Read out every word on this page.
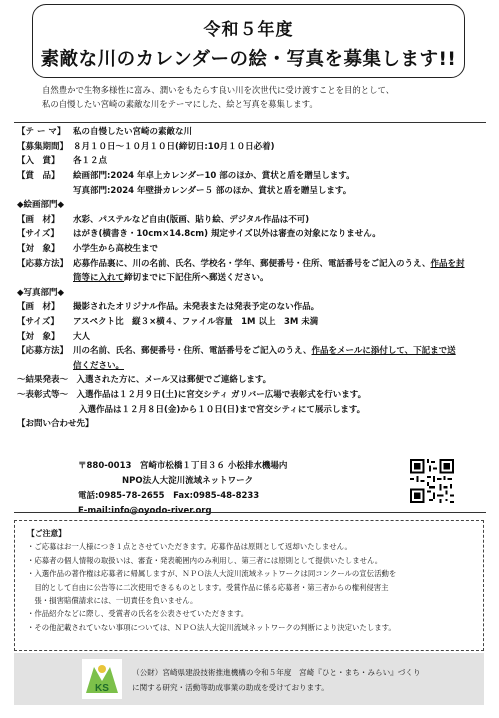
令和５年度
素敵な川のカレンダーの絵・写真を募集します!!
自然豊かで生物多様性に富み、潤いをもたらす良い川を次世代に受け渡すことを目的として、
私の自慢したい宮崎の素敵な川をテーマにした、絵と写真を募集します。
【テ ー マ】 私の自慢したい宮崎の素敵な川
【募集期間】 ８月１０日～１０月１０日(締切日:10月１０日必着)
【入　賞】	各１２点
【賞　品】	絵画部門:2024 年卓上カレンダー10 部のほか、賞状と盾を贈呈します。
写真部門:2024 年壁掛カレンダー５ 部のほか、賞状と盾を贈呈します。
◆絵画部門◆
【画　材】	水彩、パステルなど自由(版画、貼り絵、デジタル作品は不可)
【サイズ】	はがき(横書き・10cm×14.8cm) 規定サイズ以外は審査の対象になりません。
【対　象】	小学生から高校生まで
【応募方法】 応募作品裏に、川の名前、氏名、学校名・学年、郵便番号・住所、電話番号をご記入のうえ、作品を封
筒等に入れて締切までに下記住所へ郵送ください。
◆写真部門◆
【画　材】	撮影されたオリジナル作品。未発表または発表予定のない作品。
【サイズ】	アスペクト比　縦３×横４、ファイル容量　1M 以上　3M 未満
【対　象】	大人
【応募方法】 川の名前、氏名、郵便番号・住所、電話番号をご記入のうえ、作品をメールに添付して、下記まで送
信ください。
～結果発表～　入選された方に、メール又は郵便でご連絡します。
～表彰式等～　入選作品は１２月９日(土)に宮交シティ ガリバー広場で表彰式を行います。
入選作品は１２月８日(金)から１０日(日)まで宮交シティにて展示します。
【お問い合わせ先】
〒880-0013　宮崎市松橋１丁目３６ 小松排水機場内
NPO法人大淀川流域ネットワーク
電話:0985-78-2655　Fax:0985-48-8233
E-mail:info@oyodo-river.org
【ご注意】
・ご応募はお一人様につき１点とさせていただきます。応募作品は原則として返却いたしません。
・応募者の個人情報の取扱いは、審査・発表範囲内のみ利用し、第三者には原則として提供いたしません。
・入選作品の著作権は応募者に帰属しますが、ＮＰＯ法人大淀川流域ネットワークは同コンクールの宣伝活動を
　目的として自由に公告等に二次使用できるものとします。受賞作品に係る応募者・第三者からの権利侵害主
　張・損害賠償請求には、一切責任を負いません。
・作品紹介などに際し、受賞者の氏名を公表させていただきます。
・その他記載されていない事項については、ＮＰＯ法人大淀川流域ネットワークの判断により決定いたします。
KS
（公財）宮崎県建設技術推進機構の令和５年度　宮崎『ひと・まち・みらい』づくり
に関する研究・活動等助成事業の助成を受けております。
